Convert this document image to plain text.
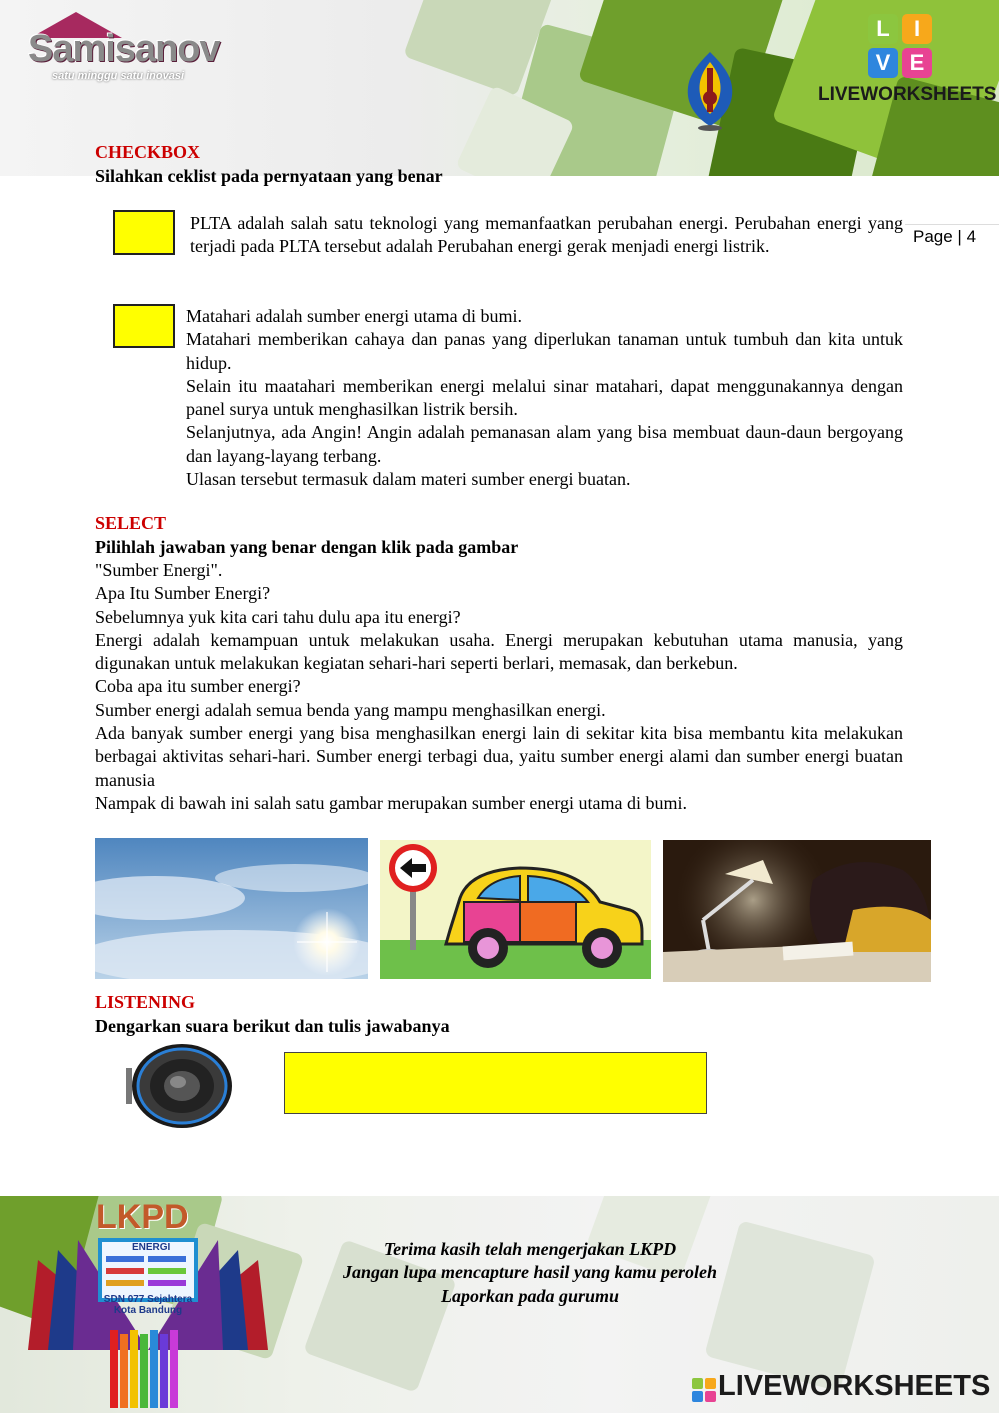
Samisanov
satu minggu satu inovasi
L	I
V E
LIVEWORKSHEETS
Page | 4
CHECKBOX
Silahkan ceklist pada pernyataan yang benar
PLTA adalah salah satu teknologi yang memanfaatkan perubahan energi. Perubahan energi yang terjadi pada PLTA tersebut adalah Perubahan energi gerak menjadi energi listrik.
Matahari adalah sumber energi utama di bumi.
Matahari memberikan cahaya dan panas yang diperlukan tanaman untuk tumbuh dan kita untuk hidup.
Selain itu maatahari memberikan energi melalui sinar matahari, dapat menggunakannya dengan panel surya untuk menghasilkan listrik bersih.
Selanjutnya, ada Angin! Angin adalah pemanasan alam yang bisa membuat daun-daun bergoyang dan layang-layang terbang.
Ulasan tersebut termasuk dalam materi sumber energi buatan.
SELECT
Pilihlah jawaban yang benar dengan klik pada gambar
"Sumber Energi".
Apa Itu Sumber Energi?
Sebelumnya yuk kita cari tahu dulu apa itu energi?
Energi adalah kemampuan untuk melakukan usaha. Energi merupakan kebutuhan utama manusia, yang digunakan untuk melakukan kegiatan sehari-hari seperti berlari, memasak, dan berkebun.
Coba apa itu sumber energi?
Sumber energi adalah semua benda yang mampu menghasilkan energi.
Ada banyak sumber energi yang bisa menghasilkan energi lain di sekitar kita bisa membantu kita melakukan berbagai aktivitas sehari-hari. Sumber energi terbagi dua, yaitu sumber energi alami dan sumber energi buatan manusia
Nampak di bawah ini salah satu gambar merupakan sumber energi utama di bumi.
LISTENING
Dengarkan suara berikut dan tulis jawabanya
LKPD
ENERGI
SDN 077 Sejahtera Kota Bandung
Terima kasih telah mengerjakan LKPD
Jangan lupa mencapture hasil yang kamu peroleh
Laporkan pada gurumu
LIVEWORKSHEETS
